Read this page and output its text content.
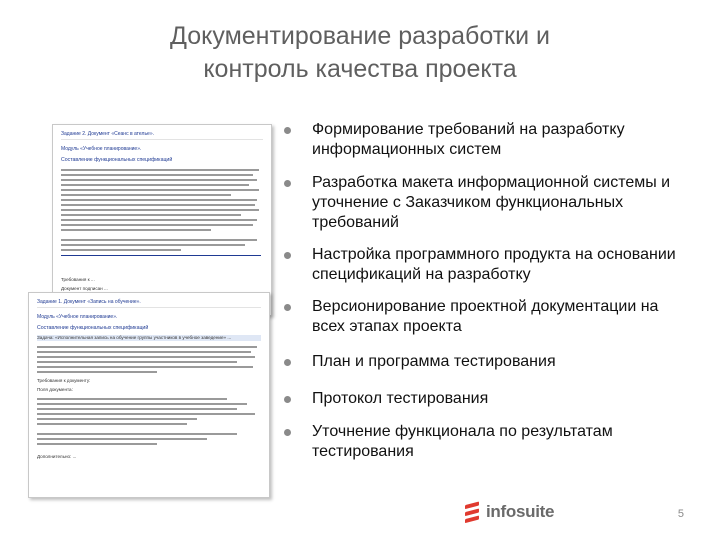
Документирование разработки и
контроль качества проекта
Задание 2. Документ «Сеанс в ателье».
Модуль «Учебное планирование».
Составление функциональных спецификаций
Требования к ...
Документ подписан ...
Задание 1. Документ «Запись на обучение».
Модуль «Учебное планирование».
Составление функциональных спецификаций
Задача: «Исполнительная запись на обучение группы участников в учебное заведение» ...
Требования к документу:
Поля документа:
Дополнительно: ...
Формирование требований на разработку информационных систем
Разработка макета информационной системы и уточнение с Заказчиком функциональных требований
Настройка программного продукта на основании спецификаций на разработку
Версионирование проектной документации на всех этапах проекта
План и программа тестирования
Протокол тестирования
Уточнение функционала по результатам тестирования
infosuite	5
